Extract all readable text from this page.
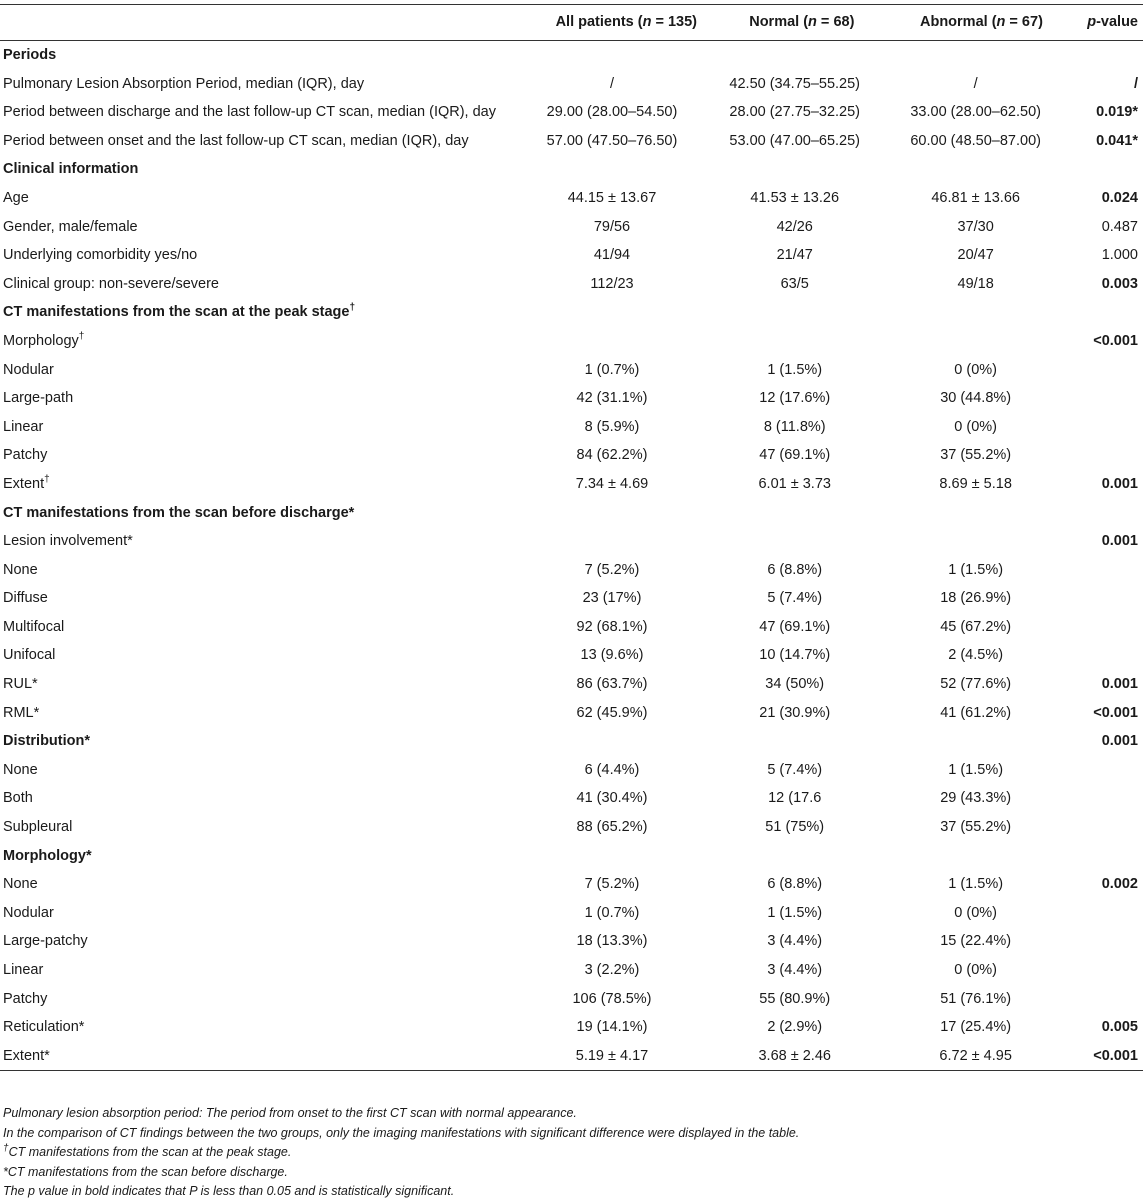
	All patients (n = 135)	Normal (n = 68)	Abnormal (n = 67)	p-value
Periods				
Pulmonary Lesion Absorption Period, median (IQR), day	/	42.50 (34.75–55.25)	/	/
Period between discharge and the last follow-up CT scan, median (IQR), day	29.00 (28.00–54.50)	28.00 (27.75–32.25)	33.00 (28.00–62.50)	0.019*
Period between onset and the last follow-up CT scan, median (IQR), day	57.00 (47.50–76.50)	53.00 (47.00–65.25)	60.00 (48.50–87.00)	0.041*
Clinical information				
Age	44.15 ± 13.67	41.53 ± 13.26	46.81 ± 13.66	0.024
Gender, male/female	79/56	42/26	37/30	0.487
Underlying comorbidity yes/no	41/94	21/47	20/47	1.000
Clinical group: non-severe/severe	112/23	63/5	49/18	0.003
CT manifestations from the scan at the peak stage†				
Morphology†				<0.001
Nodular	1 (0.7%)	1 (1.5%)	0 (0%)	
Large-path	42 (31.1%)	12 (17.6%)	30 (44.8%)	
Linear	8 (5.9%)	8 (11.8%)	0 (0%)	
Patchy	84 (62.2%)	47 (69.1%)	37 (55.2%)	
Extent†	7.34 ± 4.69	6.01 ± 3.73	8.69 ± 5.18	0.001
CT manifestations from the scan before discharge*				
Lesion involvement*				0.001
None	7 (5.2%)	6 (8.8%)	1 (1.5%)	
Diffuse	23 (17%)	5 (7.4%)	18 (26.9%)	
Multifocal	92 (68.1%)	47 (69.1%)	45 (67.2%)	
Unifocal	13 (9.6%)	10 (14.7%)	2 (4.5%)	
RUL*	86 (63.7%)	34 (50%)	52 (77.6%)	0.001
RML*	62 (45.9%)	21 (30.9%)	41 (61.2%)	<0.001
Distribution*				0.001
None	6 (4.4%)	5 (7.4%)	1 (1.5%)	
Both	41 (30.4%)	12 (17.6	29 (43.3%)	
Subpleural	88 (65.2%)	51 (75%)	37 (55.2%)	
Morphology*				
None	7 (5.2%)	6 (8.8%)	1 (1.5%)	0.002
Nodular	1 (0.7%)	1 (1.5%)	0 (0%)	
Large-patchy	18 (13.3%)	3 (4.4%)	15 (22.4%)	
Linear	3 (2.2%)	3 (4.4%)	0 (0%)	
Patchy	106 (78.5%)	55 (80.9%)	51 (76.1%)	
Reticulation*	19 (14.1%)	2 (2.9%)	17 (25.4%)	0.005
Extent*	5.19 ± 4.17	3.68 ± 2.46	6.72 ± 4.95	<0.001
Pulmonary lesion absorption period: The period from onset to the first CT scan with normal appearance.
In the comparison of CT findings between the two groups, only the imaging manifestations with significant difference were displayed in the table.
†CT manifestations from the scan at the peak stage.
*CT manifestations from the scan before discharge.
The p value in bold indicates that P is less than 0.05 and is statistically significant.
